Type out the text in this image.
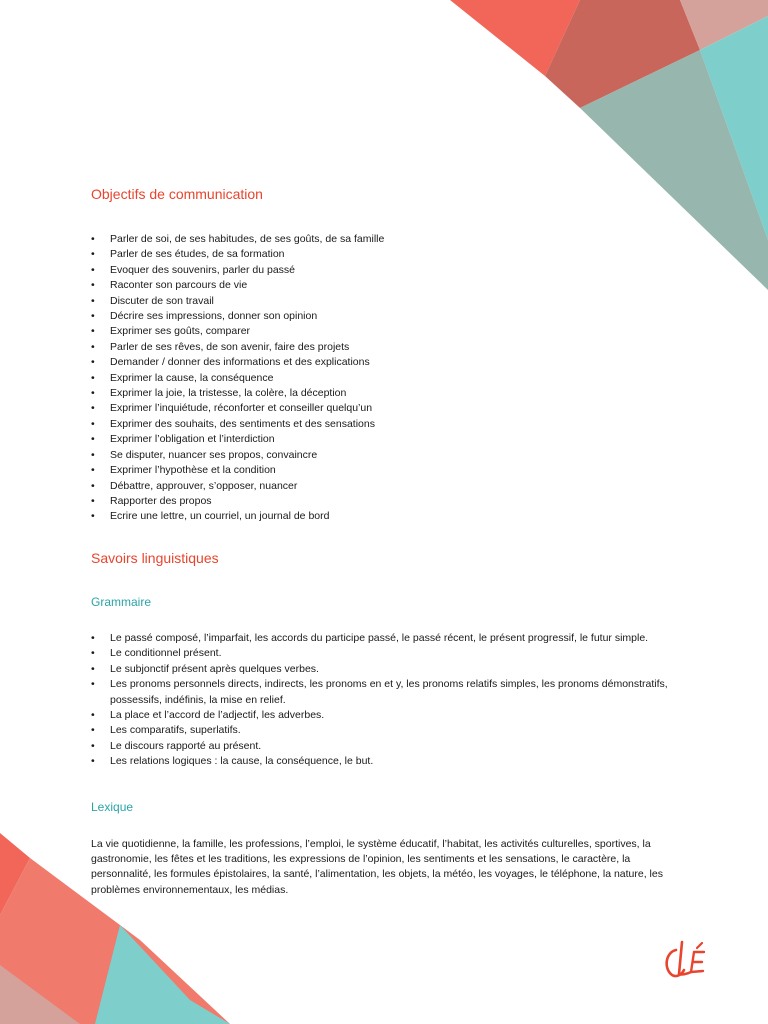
Objectifs de communication
• Parler de soi, de ses habitudes, de ses goûts, de sa famille
• Parler de ses études, de sa formation
• Evoquer des souvenirs, parler du passé
• Raconter son parcours de vie
• Discuter de son travail
• Décrire ses impressions, donner son opinion
• Exprimer ses goûts, comparer
• Parler de ses rêves, de son avenir, faire des projets
• Demander / donner des informations et des explications
• Exprimer la cause, la conséquence
• Exprimer la joie, la tristesse, la colère, la déception
• Exprimer l’inquiétude, réconforter et conseiller quelqu’un
• Exprimer des souhaits, des sentiments et des sensations
• Exprimer l’obligation et l’interdiction
• Se disputer, nuancer ses propos, convaincre
• Exprimer l’hypothèse et la condition
• Débattre, approuver, s’opposer, nuancer
• Rapporter des propos
• Ecrire une lettre, un courriel, un journal de bord
Savoirs linguistiques
Grammaire
• Le passé composé, l’imparfait, les accords du participe passé, le passé récent, le présent progressif, le futur simple.
• Le conditionnel présent.
• Le subjonctif présent après quelques verbes.
• Les pronoms personnels directs, indirects, les pronoms en et y, les pronoms relatifs simples, les pronoms démonstratifs, possessifs, indéfinis, la mise en relief.
• La place et l’accord de l’adjectif, les adverbes.
• Les comparatifs, superlatifs.
• Le discours rapporté au présent.
• Les relations logiques : la cause, la conséquence, le but.
Lexique

La vie quotidienne, la famille, les professions, l’emploi, le système éducatif, l’habitat, les activités culturelles, sportives, la gastronomie, les fêtes et les traditions, les expressions de l’opinion, les sentiments et les sensations, le caractère, la personnalité, les formules épistolaires, la santé, l’alimentation, les objets, la météo, les voyages, le téléphone, la nature, les problèmes environnementaux, les médias.
